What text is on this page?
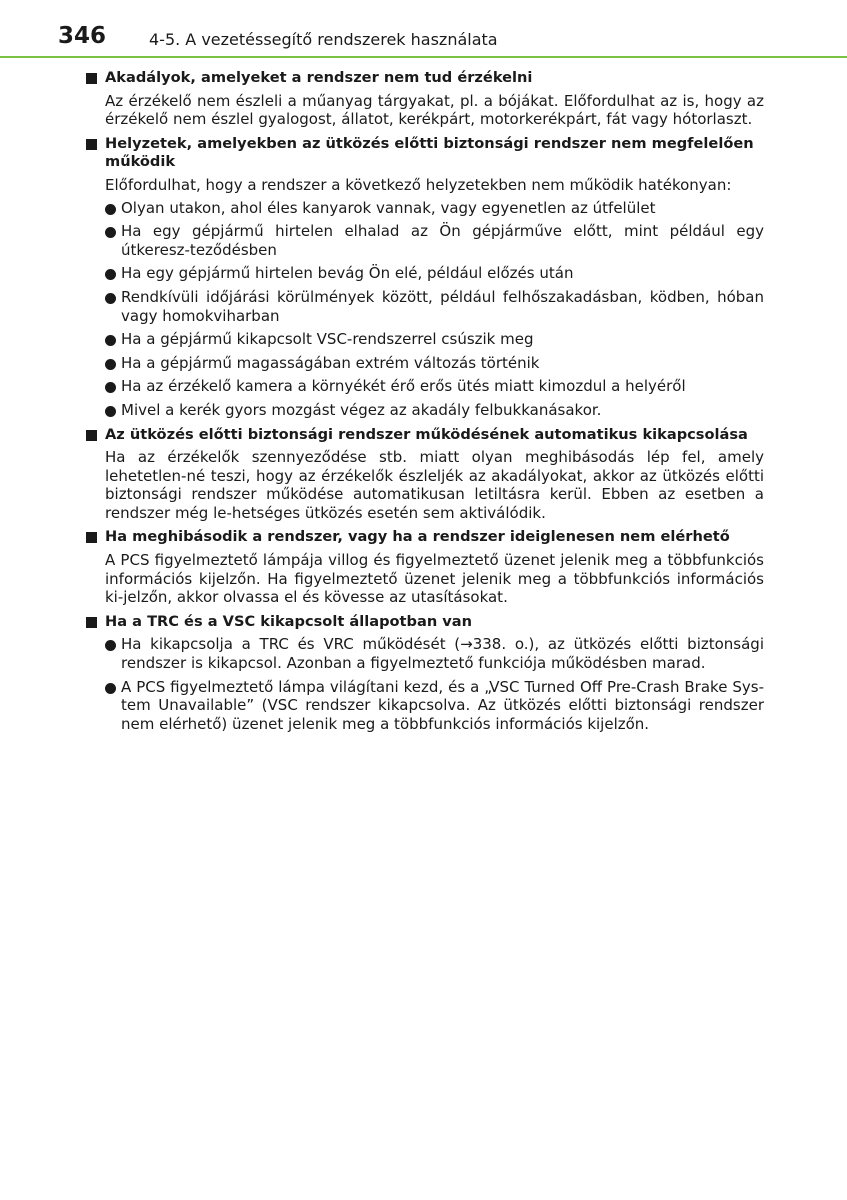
346	4-5. A vezetéssegítő rendszerek használata
Akadályok, amelyeket a rendszer nem tud érzékelni
Az érzékelő nem észleli a műanyag tárgyakat, pl. a bójákat. Előfordulhat az is, hogy az érzékelő nem észlel gyalogost, állatot, kerékpárt, motorkerékpárt, fát vagy hótorlaszt.
Helyzetek, amelyekben az ütközés előtti biztonsági rendszer nem megfelelően működik
Előfordulhat, hogy a rendszer a következő helyzetekben nem működik hatékonyan:
Olyan utakon, ahol éles kanyarok vannak, vagy egyenetlen az útfelület
Ha egy gépjármű hirtelen elhalad az Ön gépjárműve előtt, mint például egy útkeresz-teződésben
Ha egy gépjármű hirtelen bevág Ön elé, például előzés után
Rendkívüli időjárási körülmények között, például felhőszakadásban, ködben, hóban vagy homokviharban
Ha a gépjármű kikapcsolt VSC-rendszerrel csúszik meg
Ha a gépjármű magasságában extrém változás történik
Ha az érzékelő kamera a környékét érő erős ütés miatt kimozdul a helyéről
Mivel a kerék gyors mozgást végez az akadály felbukkanásakor.
Az ütközés előtti biztonsági rendszer működésének automatikus kikapcsolása
Ha az érzékelők szennyeződése stb. miatt olyan meghibásodás lép fel, amely lehetetlen-né teszi, hogy az érzékelők észleljék az akadályokat, akkor az ütközés előtti biztonsági rendszer működése automatikusan letiltásra kerül. Ebben az esetben a rendszer még le-hetséges ütközés esetén sem aktiválódik.
Ha meghibásodik a rendszer, vagy ha a rendszer ideiglenesen nem elérhető
A PCS figyelmeztető lámpája villog és figyelmeztető üzenet jelenik meg a többfunkciós információs kijelzőn. Ha figyelmeztető üzenet jelenik meg a többfunkciós információs ki-jelzőn, akkor olvassa el és kövesse az utasításokat.
Ha a TRC és a VSC kikapcsolt állapotban van
Ha kikapcsolja a TRC és VRC működését (→338. o.), az ütközés előtti biztonsági rendszer is kikapcsol. Azonban a figyelmeztető funkciója működésben marad.
A PCS figyelmeztető lámpa világítani kezd, és a „VSC Turned Off Pre-Crash Brake Sys-tem Unavailable” (VSC rendszer kikapcsolva. Az ütközés előtti biztonsági rendszer nem elérhető) üzenet jelenik meg a többfunkciós információs kijelzőn.
